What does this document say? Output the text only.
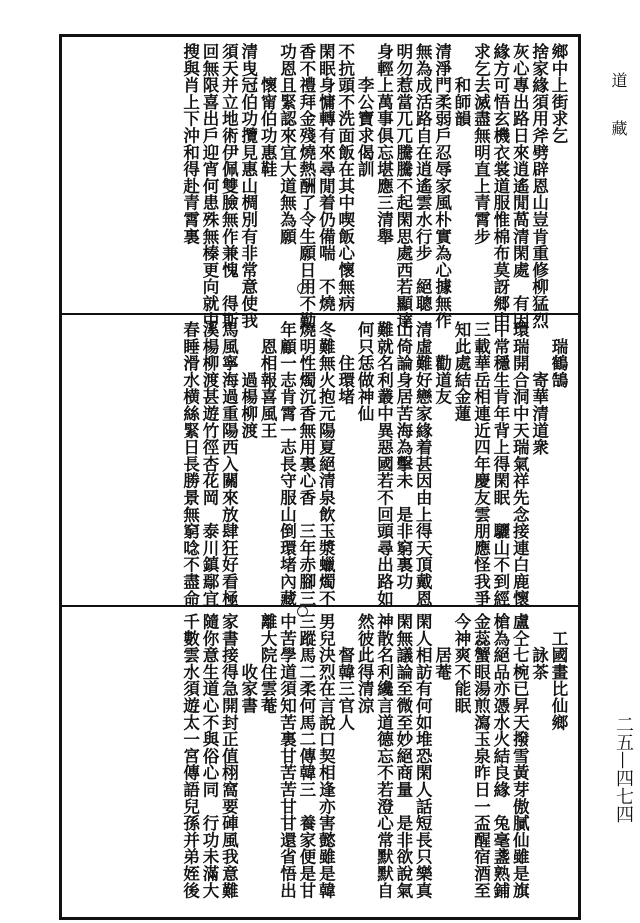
道　　藏
鄉中上街求乞
捨家緣須用斧劈辟恩山豈肯重修柳猛烈
灰心專出路日來逍遙閒萵清閑處　有因
緣方可悟玄機衣裳道服惟棉布莫訝郷中
求乞去滅盡無明直上青霄步
　　和師韻
清淨門柔弱戶忍辱家風朴實為心據無作
無為成活路自在逍遙雲水行步　絕聰
明勿惹當兀兀騰騰不起閑思處西若顯達
身輕上萬事俱忘堪應三清舉
　　李公寶求偈訓
不抗頭不洗面飯在其中喫飯心懷無病
閑眠身慵轉有來尋閒着仍備喘　不燒
香不禮拜金殘燒熱酬了令生願日用不勤
功恩且緊認來宜大道無為願
　　懷甯伯功惠鞋
清曳冠伯功攬見惠山椆別有非常意使我
須天并立地術伊佩雙臉無作兼愧　得斯
回無限喜出戶迎宵何患殊無榛更向就中
搜與肖上下沖和得赴青霄裏
　瑞鶴鵠
　　　寄華清道衆
環瑞開合洞中天瑞氣祥先念接連白鹿懷
中常穩生肯年背上得閑眠　驪山不到經
三載華岳相連近四年慶友雲朋應怪我爭
知此處結金蓮
　　勸道友
清虛難好戀家緣着甚因由上得天頂戴恩
山倚論身居苦海為擊未　是非窮裏功
難就名利叢中異惡國若不回頭尋出路如
何只恁做神仙
　　住環堵
冬難無火抱元陽夏絕清泉飲玉漿蠟燭不
燒明性燭沉香無用裏心香　三年赤腳三
年顧一志肯霄一志長守服山倒環堵內藏
　恩相報喜風王
　　　過楊柳渡
馬風寧海過重陽西入關來放肆狂好看極
溪楊柳渡甚遊竹徑杏花岡　泰川鎮鄢宜
春睡滑水横絲緊日長勝景無窮唸不盡命
　工國畫比仙鄉
　　詠茶
盧仝七椀已昇天撥雪黃芽傲膩仙雖是旗
槍為絕品亦憑水火結良緣　兔毫盞熟鋪
金蕊蟹眼湯煎瀉玉泉昨日一盃醒宿酒至
今神爽不能眠
　　居菴
閑人相訪有何如堆恐閑人話短長只樂真
閑無議論至微至妙絕商量　是非欲說氣
神散名利纔言道德忘不若澄心常默默自
然彼此得清涼
　　督韓三官人
男兒決烈在言說口契相逢亦害懿雖是韓
三蹤馬二柔何馬二傳韓三　養家便是甘
中苦學道須知苦裏甘苦苦甘甘還省悟出
離大院住雲菴
　　　收家書
家書接得急開封正值栩窩要硨風我意難
隨你意生道心不與俗心同　行功未滿大
千數雲水須遊太一宮傳語兒孫并弟姪後	二五—四七四
